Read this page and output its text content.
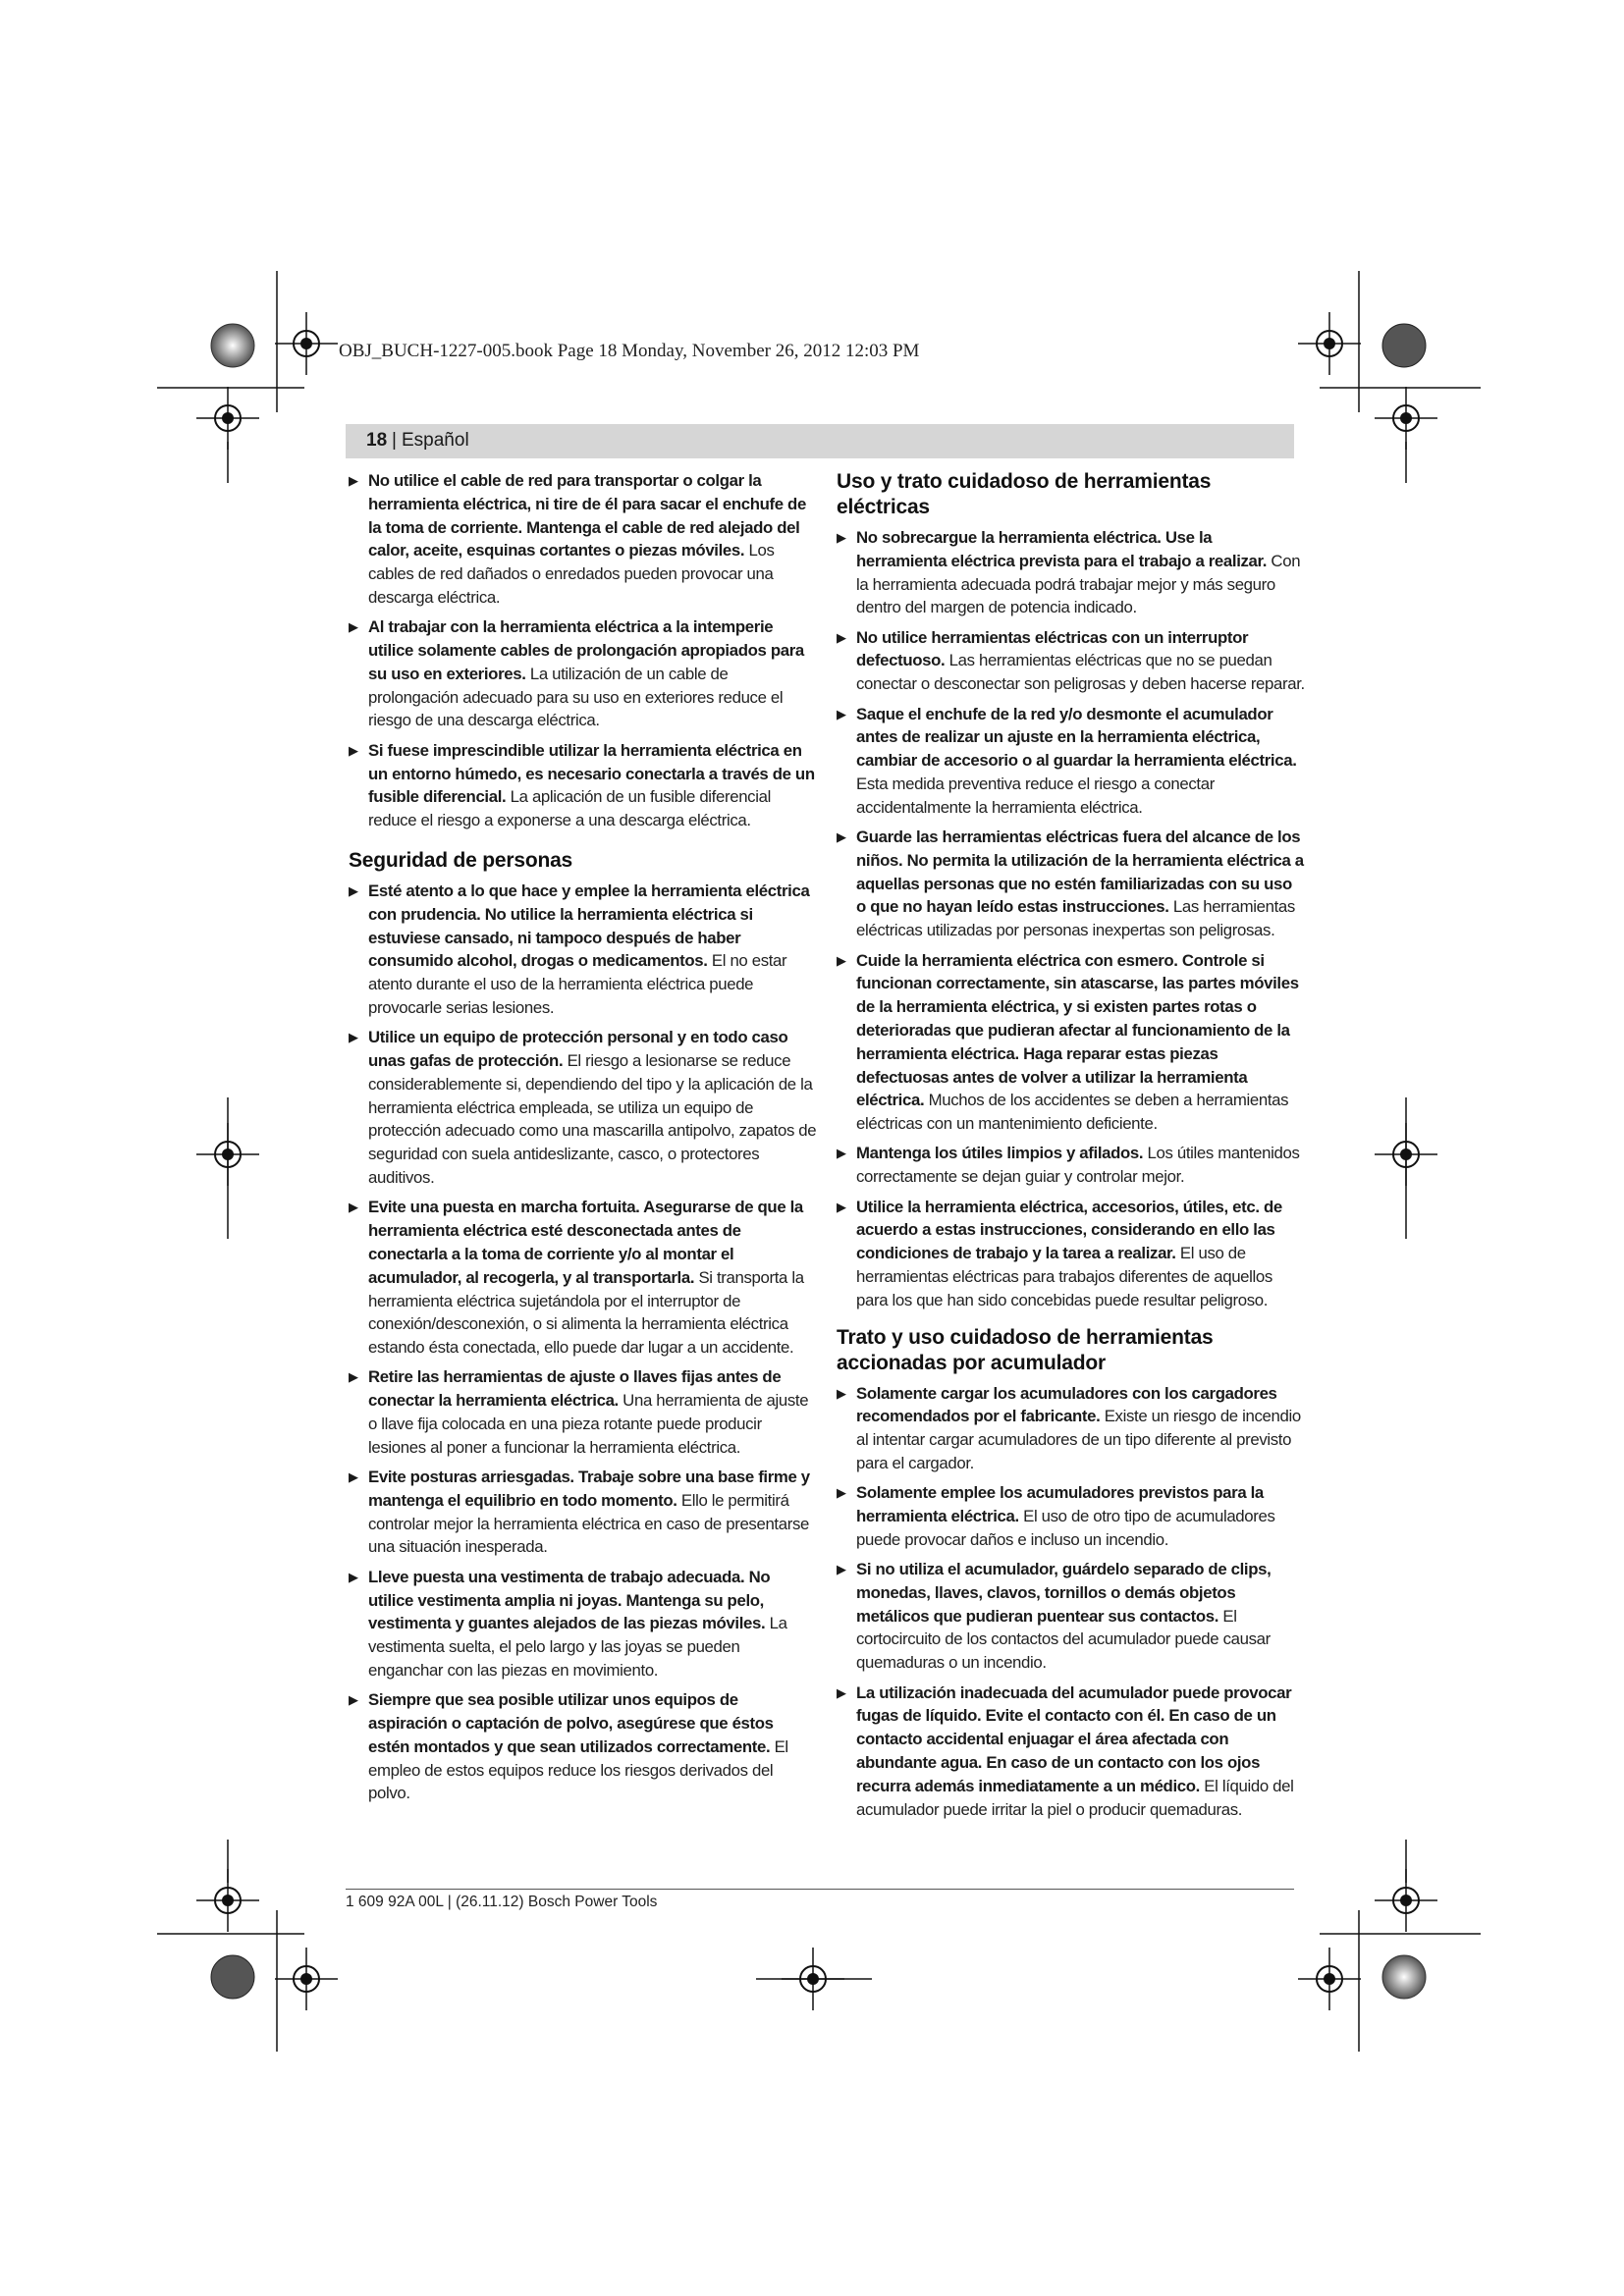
OBJ_BUCH-1227-005.book Page 18 Monday, November 26, 2012 12:03 PM
18 | Español
▶ No utilice el cable de red para transportar o colgar la herramienta eléctrica, ni tire de él para sacar el enchufe de la toma de corriente. Mantenga el cable de red alejado del calor, aceite, esquinas cortantes o piezas móviles. Los cables de red dañados o enredados pueden provocar una descarga eléctrica.
▶ Al trabajar con la herramienta eléctrica a la intemperie utilice solamente cables de prolongación apropiados para su uso en exteriores. La utilización de un cable de prolongación adecuado para su uso en exteriores reduce el riesgo de una descarga eléctrica.
▶ Si fuese imprescindible utilizar la herramienta eléctrica en un entorno húmedo, es necesario conectarla a través de un fusible diferencial. La aplicación de un fusible diferencial reduce el riesgo a exponerse a una descarga eléctrica.
Seguridad de personas
▶ Esté atento a lo que hace y emplee la herramienta eléctrica con prudencia. No utilice la herramienta eléctrica si estuviese cansado, ni tampoco después de haber consumido alcohol, drogas o medicamentos. El no estar atento durante el uso de la herramienta eléctrica puede provocarle serias lesiones.
▶ Utilice un equipo de protección personal y en todo caso unas gafas de protección. El riesgo a lesionarse se reduce considerablemente si, dependiendo del tipo y la aplicación de la herramienta eléctrica empleada, se utiliza un equipo de protección adecuado como una mascarilla antipolvo, zapatos de seguridad con suela antideslizante, casco, o protectores auditivos.
▶ Evite una puesta en marcha fortuita. Asegurarse de que la herramienta eléctrica esté desconectada antes de conectarla a la toma de corriente y/o al montar el acumulador, al recogerla, y al transportarla. Si transporta la herramienta eléctrica sujetándola por el interruptor de conexión/desconexión, o si alimenta la herramienta eléctrica estando ésta conectada, ello puede dar lugar a un accidente.
▶ Retire las herramientas de ajuste o llaves fijas antes de conectar la herramienta eléctrica. Una herramienta de ajuste o llave fija colocada en una pieza rotante puede producir lesiones al poner a funcionar la herramienta eléctrica.
▶ Evite posturas arriesgadas. Trabaje sobre una base firme y mantenga el equilibrio en todo momento. Ello le permitirá controlar mejor la herramienta eléctrica en caso de presentarse una situación inesperada.
▶ Lleve puesta una vestimenta de trabajo adecuada. No utilice vestimenta amplia ni joyas. Mantenga su pelo, vestimenta y guantes alejados de las piezas móviles. La vestimenta suelta, el pelo largo y las joyas se pueden enganchar con las piezas en movimiento.
▶ Siempre que sea posible utilizar unos equipos de aspiración o captación de polvo, asegúrese que éstos estén montados y que sean utilizados correctamente. El empleo de estos equipos reduce los riesgos derivados del polvo.
Uso y trato cuidadoso de herramientas eléctricas
▶ No sobrecargue la herramienta eléctrica. Use la herramienta eléctrica prevista para el trabajo a realizar. Con la herramienta adecuada podrá trabajar mejor y más seguro dentro del margen de potencia indicado.
▶ No utilice herramientas eléctricas con un interruptor defectuoso. Las herramientas eléctricas que no se puedan conectar o desconectar son peligrosas y deben hacerse reparar.
▶ Saque el enchufe de la red y/o desmonte el acumulador antes de realizar un ajuste en la herramienta eléctrica, cambiar de accesorio o al guardar la herramienta eléctrica. Esta medida preventiva reduce el riesgo a conectar accidentalmente la herramienta eléctrica.
▶ Guarde las herramientas eléctricas fuera del alcance de los niños. No permita la utilización de la herramienta eléctrica a aquellas personas que no estén familiarizadas con su uso o que no hayan leído estas instrucciones. Las herramientas eléctricas utilizadas por personas inexpertas son peligrosas.
▶ Cuide la herramienta eléctrica con esmero. Controle si funcionan correctamente, sin atascarse, las partes móviles de la herramienta eléctrica, y si existen partes rotas o deterioradas que pudieran afectar al funcionamiento de la herramienta eléctrica. Haga reparar estas piezas defectuosas antes de volver a utilizar la herramienta eléctrica. Muchos de los accidentes se deben a herramientas eléctricas con un mantenimiento deficiente.
▶ Mantenga los útiles limpios y afilados. Los útiles mantenidos correctamente se dejan guiar y controlar mejor.
▶ Utilice la herramienta eléctrica, accesorios, útiles, etc. de acuerdo a estas instrucciones, considerando en ello las condiciones de trabajo y la tarea a realizar. El uso de herramientas eléctricas para trabajos diferentes de aquellos para los que han sido concebidas puede resultar peligroso.
Trato y uso cuidadoso de herramientas accionadas por acumulador
▶ Solamente cargar los acumuladores con los cargadores recomendados por el fabricante. Existe un riesgo de incendio al intentar cargar acumuladores de un tipo diferente al previsto para el cargador.
▶ Solamente emplee los acumuladores previstos para la herramienta eléctrica. El uso de otro tipo de acumuladores puede provocar daños e incluso un incendio.
▶ Si no utiliza el acumulador, guárdelo separado de clips, monedas, llaves, clavos, tornillos o demás objetos metálicos que pudieran puentear sus contactos. El cortocircuito de los contactos del acumulador puede causar quemaduras o un incendio.
▶ La utilización inadecuada del acumulador puede provocar fugas de líquido. Evite el contacto con él. En caso de un contacto accidental enjuagar el área afectada con abundante agua. En caso de un contacto con los ojos recurra además inmediatamente a un médico. El líquido del acumulador puede irritar la piel o producir quemaduras.
1 609 92A 00L | (26.11.12) Bosch Power Tools
